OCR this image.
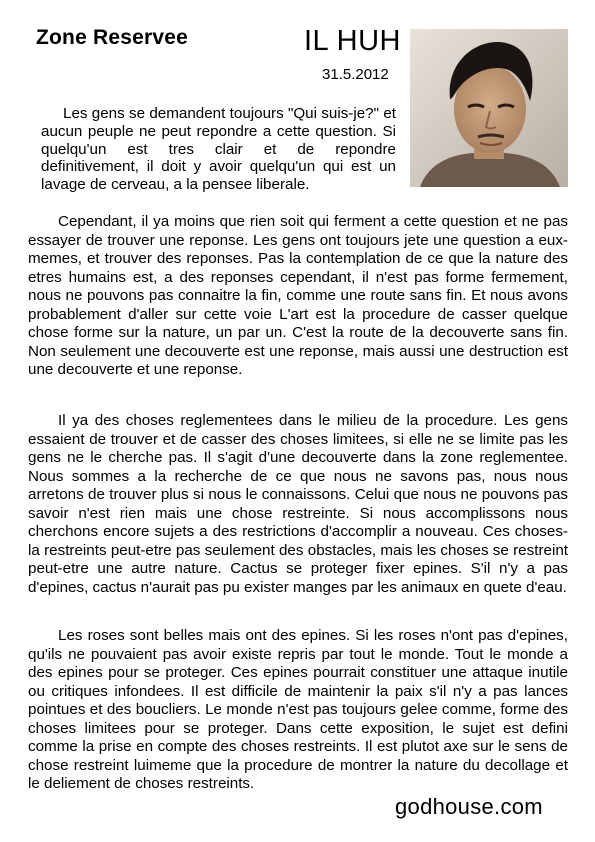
Zone Reservee	IL HUH
31.5.2012

Les gens se demandent toujours "Qui suis-je?" et aucun peuple ne peut repondre a cette question. Si quelqu'un est tres clair et de repondre definitivement, il doit y avoir quelqu'un qui est un lavage de cerveau, a la pensee liberale.

Cependant, il ya moins que rien soit qui ferment a cette question et ne pas essayer de trouver une reponse. Les gens ont toujours jete une question a eux-memes, et trouver des reponses. Pas la contemplation de ce que la nature des etres humains est, a des reponses cependant, il n'est pas forme fermement, nous ne pouvons pas connaitre la fin, comme une route sans fin. Et nous avons probablement d'aller sur cette voie L'art est la procedure de casser quelque chose forme sur la nature, un par un. C'est la route de la decouverte sans fin. Non seulement une decouverte est une reponse, mais aussi une destruction est une decouverte et une reponse.

Il ya des choses reglementees dans le milieu de la procedure. Les gens essaient de trouver et de casser des choses limitees, si elle ne se limite pas les gens ne le cherche pas. Il s'agit d'une decouverte dans la zone reglementee. Nous sommes a la recherche de ce que nous ne savons pas, nous nous arretons de trouver plus si nous le connaissons. Celui que nous ne pouvons pas savoir n'est rien mais une chose restreinte. Si nous accomplissons nous cherchons encore sujets a des restrictions d'accomplir a nouveau. Ces choses-la restreints peut-etre pas seulement des obstacles, mais les choses se restreint peut-etre une autre nature. Cactus se proteger fixer epines. S'il n'y a pas d'epines, cactus n'aurait pas pu exister manges par les animaux en quete d'eau.

Les roses sont belles mais ont des epines. Si les roses n'ont pas d'epines, qu'ils ne pouvaient pas avoir existe repris par tout le monde. Tout le monde a des epines pour se proteger. Ces epines pourrait constituer une attaque inutile ou critiques infondees. Il est difficile de maintenir la paix s'il n'y a pas lances pointues et des boucliers. Le monde n'est pas toujours gelee comme, forme des choses limitees pour se proteger. Dans cette exposition, le sujet est defini comme la prise en compte des choses restreints. Il est plutot axe sur le sens de chose restreint luimeme que la procedure de montrer la nature du decollage et le deliement de choses restreints.

godhouse.com
